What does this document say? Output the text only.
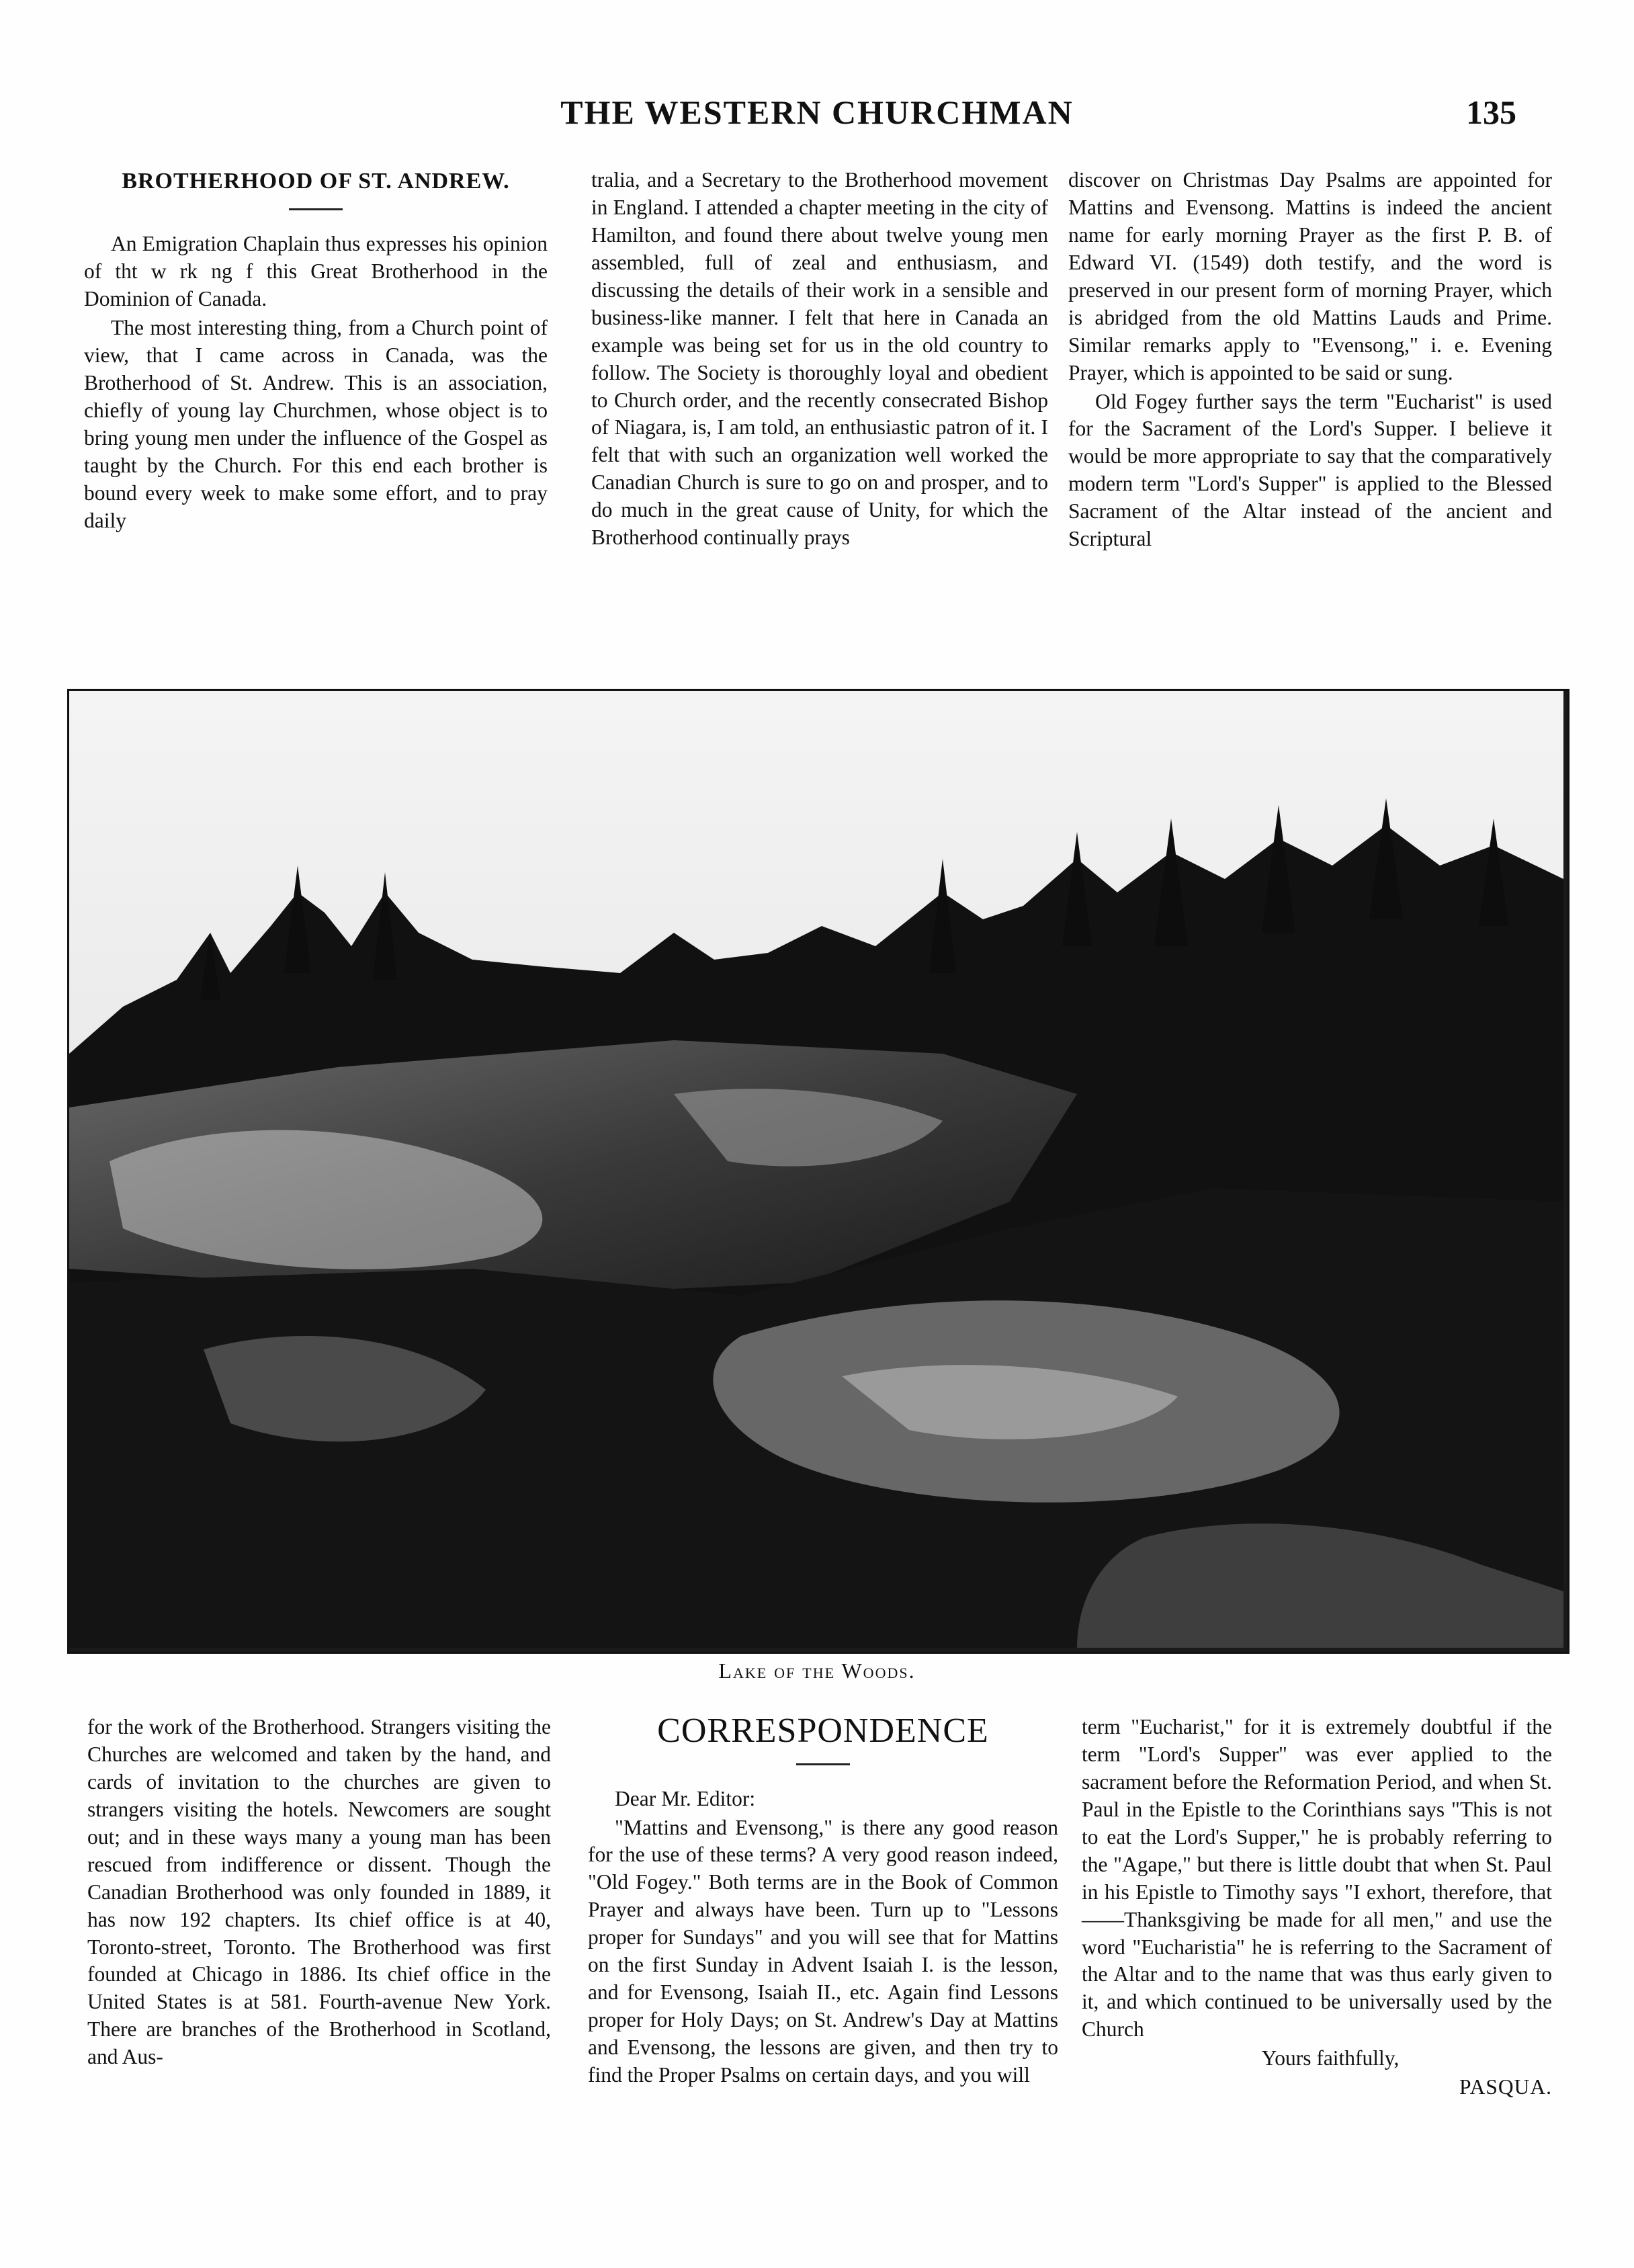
THE WESTERN CHURCHMAN	135
BROTHERHOOD OF ST. ANDREW.

An Emigration Chaplain thus expresses his opinion of tht w rk ng f this Great Brotherhood in the Dominion of Canada.

The most interesting thing, from a Church point of view, that I came across in Canada, was the Brotherhood of St. Andrew. This is an association, chiefly of young lay Churchmen, whose object is to bring young men under the influence of the Gospel as taught by the Church. For this end each brother is bound every week to make some effort, and to pray daily

tralia, and a Secretary to the Brotherhood movement in England. I attended a chapter meeting in the city of Hamilton, and found there about twelve young men assembled, full of zeal and enthusiasm, and discussing the details of their work in a sensible and business-like manner. I felt that here in Canada an example was being set for us in the old country to follow. The Society is thoroughly loyal and obedient to Church order, and the recently consecrated Bishop of Niagara, is, I am told, an enthusiastic patron of it. I felt that with such an organization well worked the Canadian Church is sure to go on and prosper, and to do much in the great cause of Unity, for which the Brotherhood continually prays

discover on Christmas Day Psalms are appointed for Mattins and Evensong. Mattins is indeed the ancient name for early morning Prayer as the first P. B. of Edward VI. (1549) doth testify, and the word is preserved in our present form of morning Prayer, which is abridged from the old Mattins Lauds and Prime. Similar remarks apply to "Evensong," i. e. Evening Prayer, which is appointed to be said or sung.

Old Fogey further says the term "Eucharist" is used for the Sacrament of the Lord's Supper. I believe it would be more appropriate to say that the comparatively modern term "Lord's Supper" is applied to the Blessed Sacrament of the Altar instead of the ancient and Scriptural

Lake of the Woods.

for the work of the Brotherhood. Strangers visiting the Churches are welcomed and taken by the hand, and cards of invitation to the churches are given to strangers visiting the hotels. Newcomers are sought out; and in these ways many a young man has been rescued from indifference or dissent. Though the Canadian Brotherhood was only founded in 1889, it has now 192 chapters. Its chief office is at 40, Toronto-street, Toronto. The Brotherhood was first founded at Chicago in 1886. Its chief office in the United States is at 581. Fourth-avenue New York. There are branches of the Brotherhood in Scotland, and Aus-

CORRESPONDENCE

Dear Mr. Editor:

"Mattins and Evensong," is there any good reason for the use of these terms? A very good reason indeed, "Old Fogey." Both terms are in the Book of Common Prayer and always have been. Turn up to "Lessons proper for Sundays" and you will see that for Mattins on the first Sunday in Advent Isaiah I. is the lesson, and for Evensong, Isaiah II., etc. Again find Lessons proper for Holy Days; on St. Andrew's Day at Mattins and Evensong, the lessons are given, and then try to find the Proper Psalms on certain days, and you will

term "Eucharist," for it is extremely doubtful if the term "Lord's Supper" was ever applied to the sacrament before the Reformation Period, and when St. Paul in the Epistle to the Corinthians says "This is not to eat the Lord's Supper," he is probably referring to the "Agape," but there is little doubt that when St. Paul in his Epistle to Timothy says "I exhort, therefore, that——Thanksgiving be made for all men," and use the word "Eucharistia" he is referring to the Sacrament of the Altar and to the name that was thus early given to it, and which continued to be universally used by the Church

Yours faithfully,

PASQUA.
